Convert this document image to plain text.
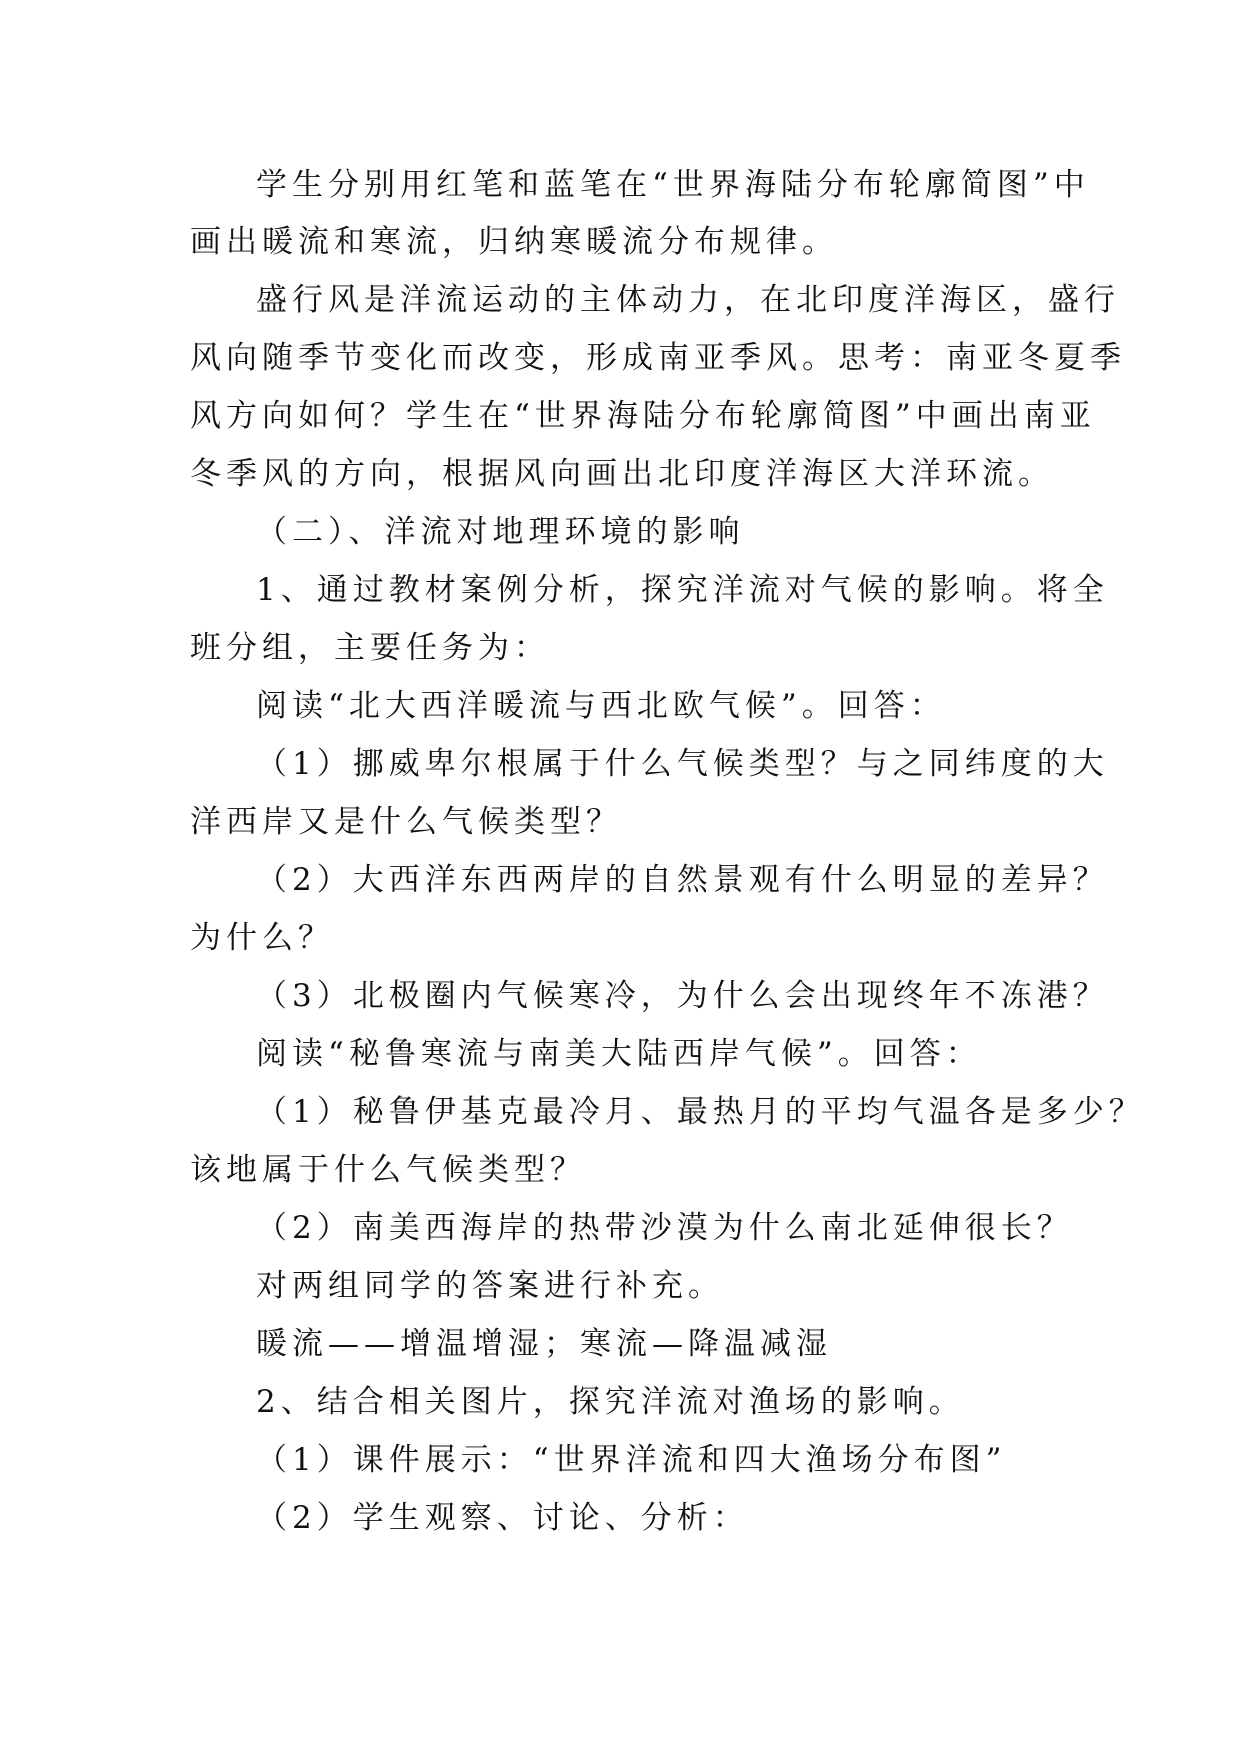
学生分别用红笔和蓝笔在“世界海陆分布轮廓简图”中

画出暖流和寒流，归纳寒暖流分布规律。

盛行风是洋流运动的主体动力，在北印度洋海区，盛行

风向随季节变化而改变，形成南亚季风。思考：南亚冬夏季

风方向如何？学生在“世界海陆分布轮廓简图”中画出南亚

冬季风的方向，根据风向画出北印度洋海区大洋环流。

（二）、洋流对地理环境的影响

1、通过教材案例分析，探究洋流对气候的影响。将全

班分组，主要任务为：

阅读“北大西洋暖流与西北欧气候”。回答：

（1）挪威卑尔根属于什么气候类型？与之同纬度的大

洋西岸又是什么气候类型？

（2）大西洋东西两岸的自然景观有什么明显的差异？

为什么？

（3）北极圈内气候寒冷，为什么会出现终年不冻港？

阅读“秘鲁寒流与南美大陆西岸气候”。回答：

（1）秘鲁伊基克最冷月、最热月的平均气温各是多少？

该地属于什么气候类型？

（2）南美西海岸的热带沙漠为什么南北延伸很长？

对两组同学的答案进行补充。

暖流——增温增湿；寒流—降温减湿

2、结合相关图片，探究洋流对渔场的影响。

（1）课件展示：“世界洋流和四大渔场分布图”

（2）学生观察、讨论、分析：
